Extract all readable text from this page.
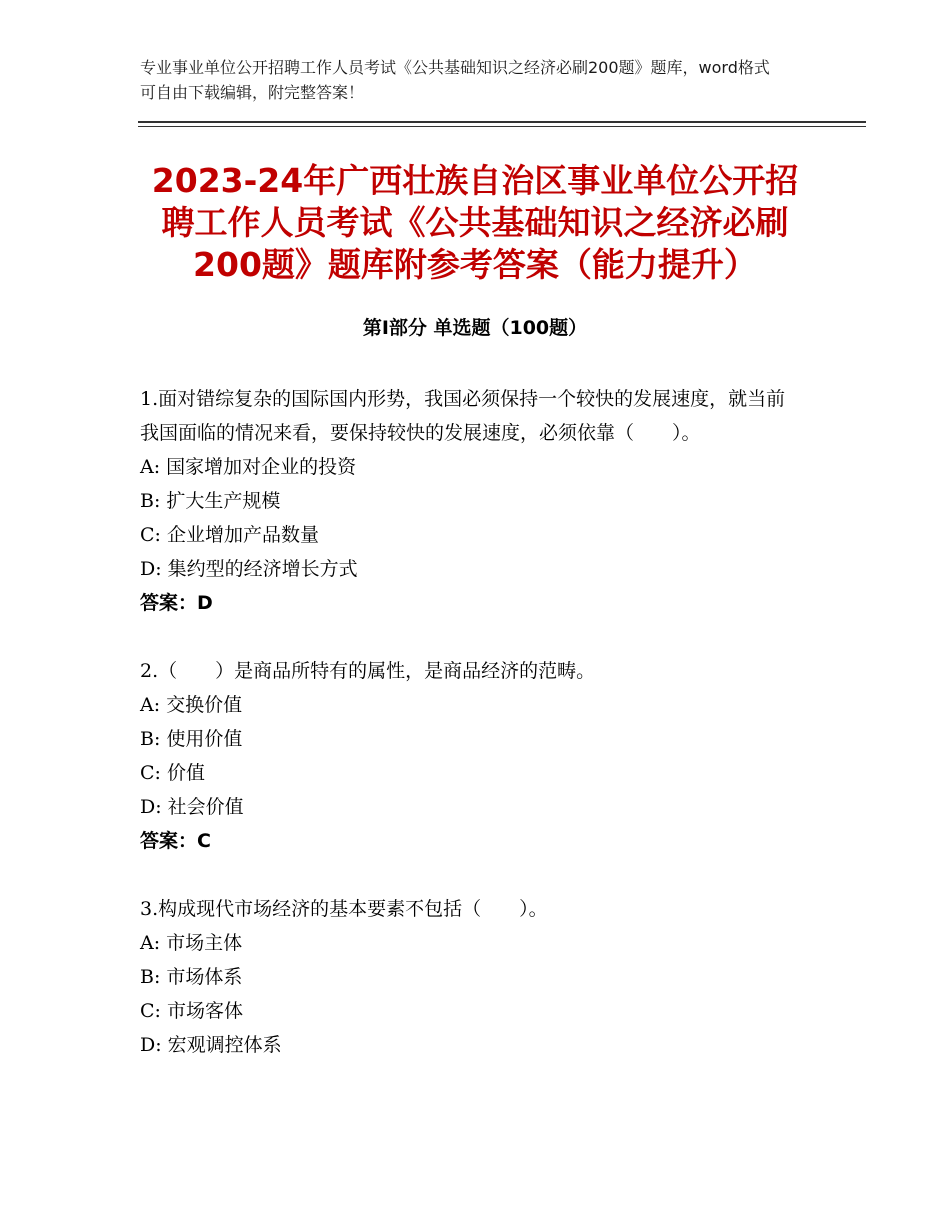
专业事业单位公开招聘工作人员考试《公共基础知识之经济必刷200题》题库，word格式可自由下载编辑，附完整答案！
2023-24年广西壮族自治区事业单位公开招聘工作人员考试《公共基础知识之经济必刷200题》题库附参考答案（能力提升）
第Ⅰ部分 单选题（100题）

1.面对错综复杂的国际国内形势，我国必须保持一个较快的发展速度，就当前我国面临的情况来看，要保持较快的发展速度，必须依靠（　　）。

A: 国家增加对企业的投资

B: 扩大生产规模

C: 企业增加产品数量

D: 集约型的经济增长方式

答案：D

2.（　　）是商品所特有的属性，是商品经济的范畴。

A: 交换价值

B: 使用价值

C: 价值

D: 社会价值

答案：C

3.构成现代市场经济的基本要素不包括（　　）。

A: 市场主体

B: 市场体系

C: 市场客体

D: 宏观调控体系
